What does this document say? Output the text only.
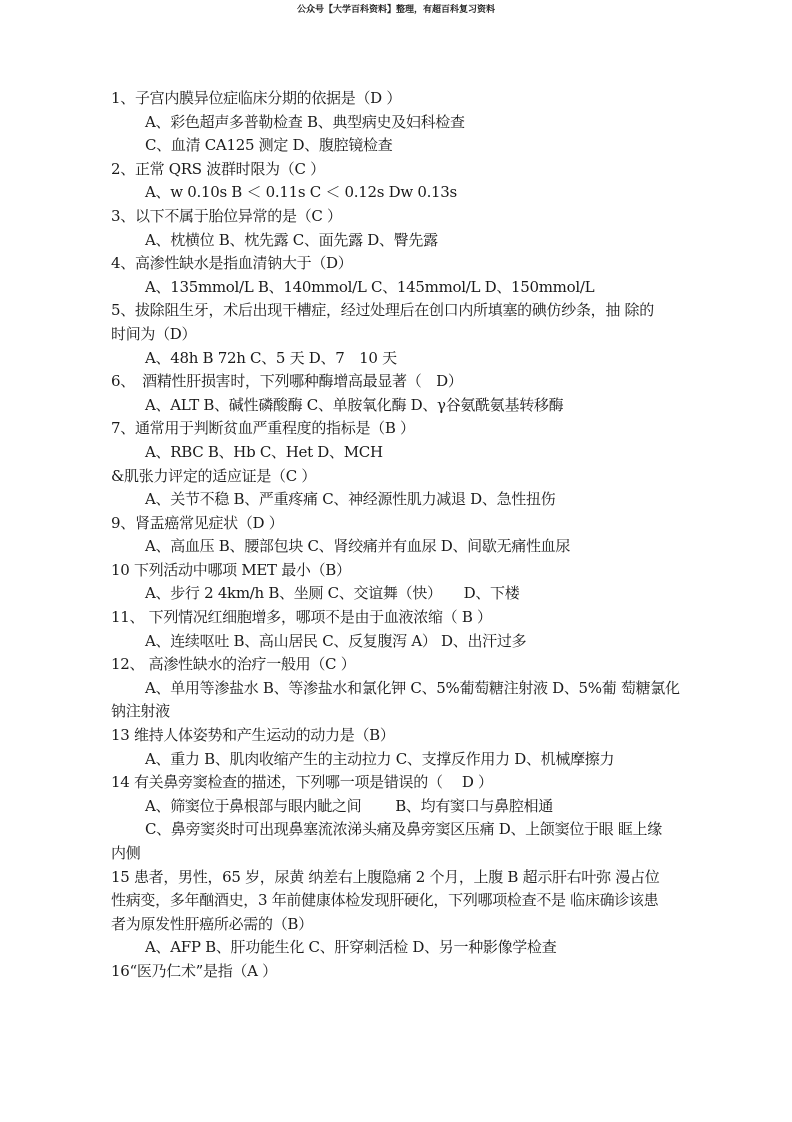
公众号【大学百科资料】整理，有超百科复习资料
1、子宫内膜异位症临床分期的依据是（D ）
A、彩色超声多普勒检查 B、典型病史及妇科检查
C、血清 CA125 测定 D、腹腔镜检查
2、正常 QRS 波群时限为（C ）
A、w 0.10s B ＜ 0.11s C ＜ 0.12s Dw 0.13s
3、以下不属于胎位异常的是（C ）
A、枕横位 B、枕先露 C、面先露 D、臀先露
4、高渗性缺水是指血清钠大于（D）
A、135mmol/L B、140mmol/L C、145mmol/L D、150mmol/L
5、拔除阻生牙，术后出现干槽症，经过处理后在创口内所填塞的碘仿纱条，抽 除的
时间为（D）
A、48h B 72h C、5 天 D、7　10 天
6、　酒精性肝损害时，下列哪种酶增高最显著（　D）
A、ALT B、碱性磷酸酶 C、单胺氧化酶 D、γ谷氨酰氨基转移酶
7、通常用于判断贫血严重程度的指标是（B ）
A、RBC B、Hb C、Het D、MCH
&肌张力评定的适应证是（C ）
A、关节不稳 B、严重疼痛 C、神经源性肌力减退 D、急性扭伤
9、肾盂癌常见症状（D ）
A、高血压 B、腰部包块 C、肾绞痛并有血尿 D、间歇无痛性血尿
10 下列活动中哪项 MET 最小（B）
A、步行 2 4km/h B、坐厕 C、交谊舞（快）　　D、下楼
11、 下列情况红细胞增多，哪项不是由于血液浓缩（ B ）
A、连续呕吐 B、高山居民 C、反复腹泻 A） D、出汗过多
12、 高渗性缺水的治疗一般用（C ）
A、单用等渗盐水 B、等渗盐水和氯化钾 C、5%葡萄糖注射液 D、5%葡 萄糖氯化
钠注射液
13 维持人体姿势和产生运动的动力是（B）
A、重力 B、肌肉收缩产生的主动拉力 C、支撑反作用力 D、机械摩擦力
14 有关鼻旁窦检查的描述，下列哪一项是错误的（　 D ）
A、筛窦位于鼻根部与眼内眦之间　　 B、均有窦口与鼻腔相通
C、鼻旁窦炎时可出现鼻塞流浓涕头痛及鼻旁窦区压痛 D、上颌窦位于眼 眶上缘
内侧
15 患者，男性，65 岁，尿黄 纳差右上腹隐痛 2 个月，上腹 B 超示肝右叶弥 漫占位
性病变，多年酗酒史，3 年前健康体检发现肝硬化，下列哪项检查不是 临床确诊该患
者为原发性肝癌所必需的（B）
A、AFP B、肝功能生化 C、肝穿刺活检 D、另一种影像学检查
16“医乃仁术”是指（A ）
